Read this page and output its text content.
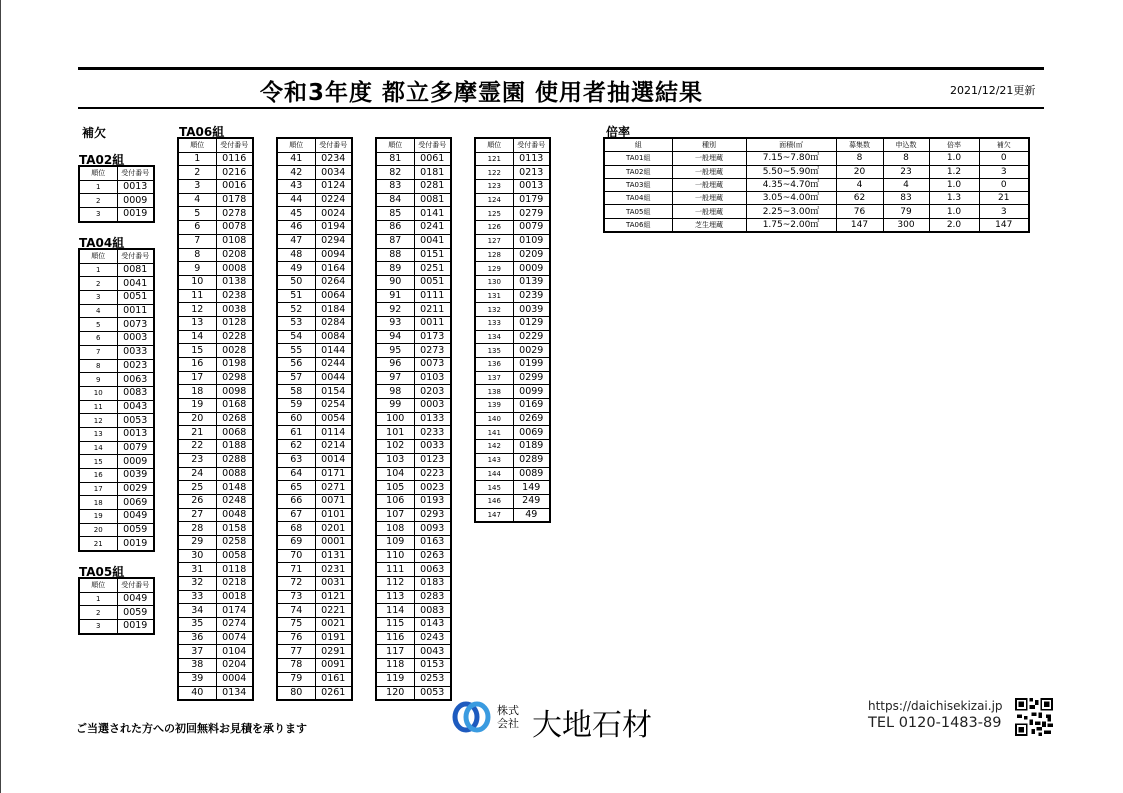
令和3年度 都立多摩霊園 使用者抽選結果	2021/12/21更新
補欠
TA02組
順位	受付番号
1	0013
2	0009
3	0019
TA04組
順位	受付番号
1	0081
2	0041
3	0051
4	0011
5	0073
6	0003
7	0033
8	0023
9	0063
10	0083
11	0043
12	0053
13	0013
14	0079
15	0009
16	0039
17	0029
18	0069
19	0049
20	0059
21	0019
TA05組
順位	受付番号
1	0049
2	0059
3	0019
TA06組
順位	受付番号
1	0116
2	0216
3	0016
4	0178
5	0278
6	0078
7	0108
8	0208
9	0008
10	0138
11	0238
12	0038
13	0128
14	0228
15	0028
16	0198
17	0298
18	0098
19	0168
20	0268
21	0068
22	0188
23	0288
24	0088
25	0148
26	0248
27	0048
28	0158
29	0258
30	0058
31	0118
32	0218
33	0018
34	0174
35	0274
36	0074
37	0104
38	0204
39	0004
40	0134
順位	受付番号
41	0234
42	0034
43	0124
44	0224
45	0024
46	0194
47	0294
48	0094
49	0164
50	0264
51	0064
52	0184
53	0284
54	0084
55	0144
56	0244
57	0044
58	0154
59	0254
60	0054
61	0114
62	0214
63	0014
64	0171
65	0271
66	0071
67	0101
68	0201
69	0001
70	0131
71	0231
72	0031
73	0121
74	0221
75	0021
76	0191
77	0291
78	0091
79	0161
80	0261
順位	受付番号
81	0061
82	0181
83	0281
84	0081
85	0141
86	0241
87	0041
88	0151
89	0251
90	0051
91	0111
92	0211
93	0011
94	0173
95	0273
96	0073
97	0103
98	0203
99	0003
100	0133
101	0233
102	0033
103	0123
104	0223
105	0023
106	0193
107	0293
108	0093
109	0163
110	0263
111	0063
112	0183
113	0283
114	0083
115	0143
116	0243
117	0043
118	0153
119	0253
120	0053
順位	受付番号
121	0113
122	0213
123	0013
124	0179
125	0279
126	0079
127	0109
128	0209
129	0009
130	0139
131	0239
132	0039
133	0129
134	0229
135	0029
136	0199
137	0299
138	0099
139	0169
140	0269
141	0069
142	0189
143	0289
144	0089
145	149
146	249
147	49
倍率
組	種別	面積(㎡	募集数	申込数	倍率	補欠
TA01組	一般埋蔵	7.15~7.80㎡	8	8	1.0	0
TA02組	一般埋蔵	5.50~5.90㎡	20	23	1.2	3
TA03組	一般埋蔵	4.35~4.70㎡	4	4	1.0	0
TA04組	一般埋蔵	3.05~4.00㎡	62	83	1.3	21
TA05組	一般埋蔵	2.25~3.00㎡	76	79	1.0	3
TA06組	芝生埋蔵	1.75~2.00㎡	147	300	2.0	147
ご当選された方への初回無料お見積を承ります
株式
会社 大地石材
https://daichisekizai.jp
TEL 0120-1483-89
